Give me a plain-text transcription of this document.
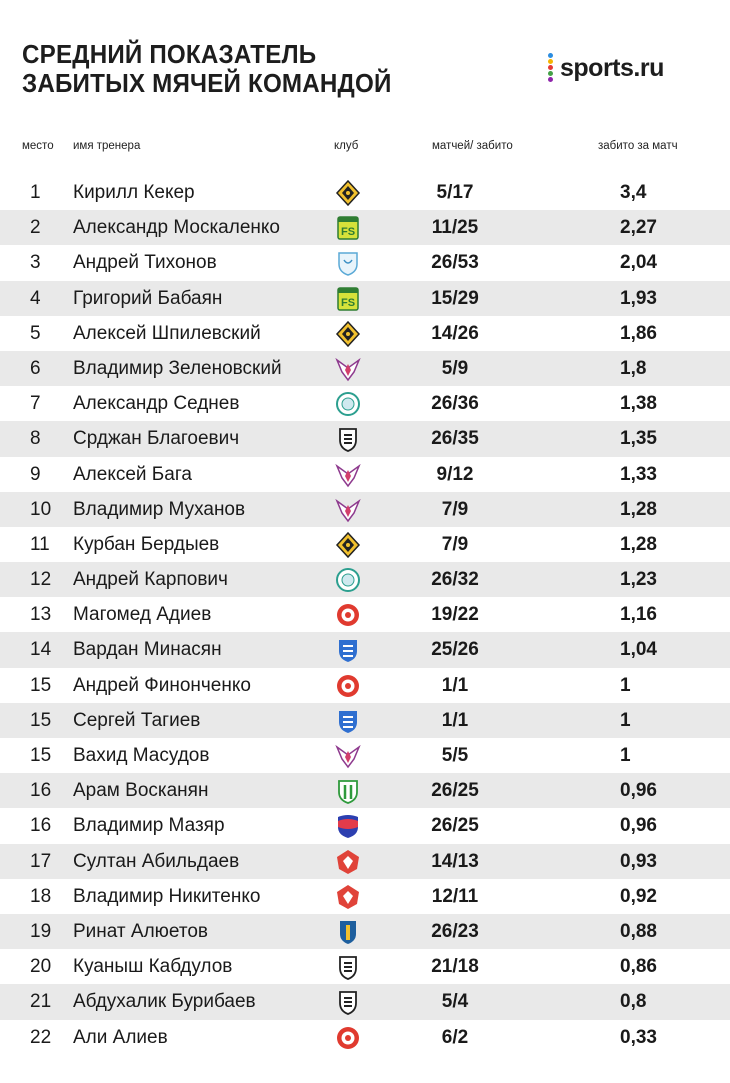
СРЕДНИЙ ПОКАЗАТЕЛЬ
ЗАБИТЫХ МЯЧЕЙ КОМАНДОЙ
sports.ru
место имя тренера	клуб	матчей/ забито	забито за матч
1 Кирилл Кекер	5/17	3,4
2 Александр Москаленко	FS	11/25	2,27
3 Андрей Тихонов	26/53	2,04
4 Григорий Бабаян	FS	15/29	1,93
5 Алексей Шпилевский	14/26	1,86
6 Владимир Зеленовский	5/9	1,8
7 Александр Седнев	26/36	1,38
8 Срджан Благоевич	26/35	1,35
9 Алексей Бага	9/12	1,33
10 Владимир Муханов	7/9	1,28
11 Курбан Бердыев	7/9	1,28
12 Андрей Карпович	26/32	1,23
13 Магомед Адиев	19/22	1,16
14 Вардан Минасян	25/26	1,04
15 Андрей Финонченко	1/1	1
15 Сергей Тагиев	1/1	1
15 Вахид Масудов	5/5	1
16 Арам Восканян	26/25	0,96
16 Владимир Мазяр	26/25	0,96
17 Султан Абильдаев	14/13	0,93
18 Владимир Никитенко	12/11	0,92
19 Ринат Алюетов	26/23	0,88
20 Куаныш Кабдулов	21/18	0,86
21 Абдухалик Бурибаев	5/4	0,8
22 Али Алиев	6/2	0,33
